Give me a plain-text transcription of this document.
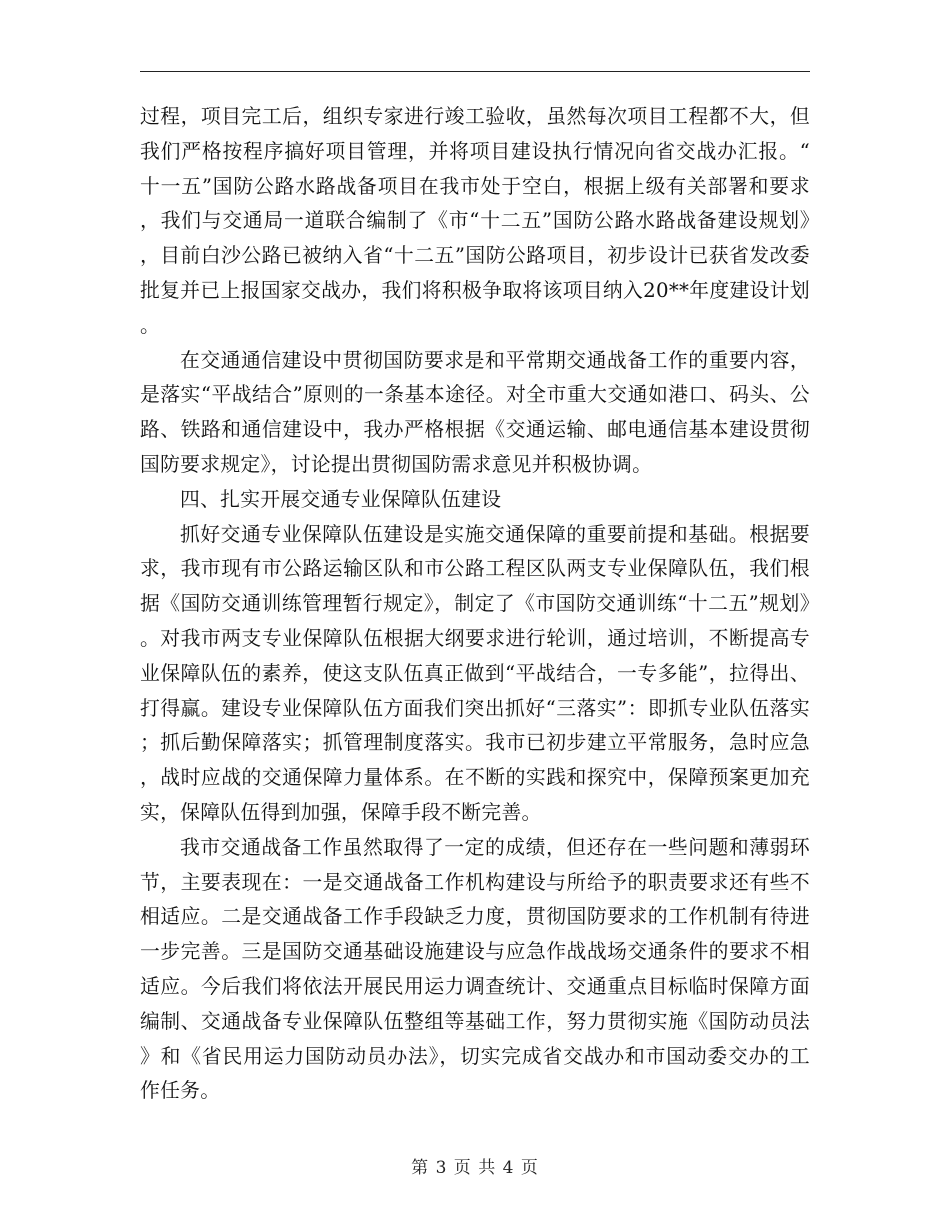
过程，项目完工后，组织专家进行竣工验收，虽然每次项目工程都不大，但我们严格按程序搞好项目管理，并将项目建设执行情况向省交战办汇报。“十一五”国防公路水路战备项目在我市处于空白，根据上级有关部署和要求，我们与交通局一道联合编制了《市“十二五”国防公路水路战备建设规划》，目前白沙公路已被纳入省“十二五”国防公路项目，初步设计已获省发改委批复并已上报国家交战办，我们将积极争取将该项目纳入20**年度建设计划。

在交通通信建设中贯彻国防要求是和平常期交通战备工作的重要内容，是落实“平战结合”原则的一条基本途径。对全市重大交通如港口、码头、公路、铁路和通信建设中，我办严格根据《交通运输、邮电通信基本建设贯彻国防要求规定》，讨论提出贯彻国防需求意见并积极协调。

四、扎实开展交通专业保障队伍建设

抓好交通专业保障队伍建设是实施交通保障的重要前提和基础。根据要求，我市现有市公路运输区队和市公路工程区队两支专业保障队伍，我们根据《国防交通训练管理暂行规定》，制定了《市国防交通训练“十二五”规划》。对我市两支专业保障队伍根据大纲要求进行轮训，通过培训，不断提高专业保障队伍的素养，使这支队伍真正做到“平战结合，一专多能”，拉得出、打得赢。建设专业保障队伍方面我们突出抓好“三落实”：即抓专业队伍落实；抓后勤保障落实；抓管理制度落实。我市已初步建立平常服务，急时应急，战时应战的交通保障力量体系。在不断的实践和探究中，保障预案更加充实，保障队伍得到加强，保障手段不断完善。

我市交通战备工作虽然取得了一定的成绩，但还存在一些问题和薄弱环节，主要表现在：一是交通战备工作机构建设与所给予的职责要求还有些不相适应。二是交通战备工作手段缺乏力度，贯彻国防要求的工作机制有待进一步完善。三是国防交通基础设施建设与应急作战战场交通条件的要求不相适应。今后我们将依法开展民用运力调查统计、交通重点目标临时保障方面编制、交通战备专业保障队伍整组等基础工作，努力贯彻实施《国防动员法》和《省民用运力国防动员办法》，切实完成省交战办和市国动委交办的工作任务。

第 3 页 共 4 页
